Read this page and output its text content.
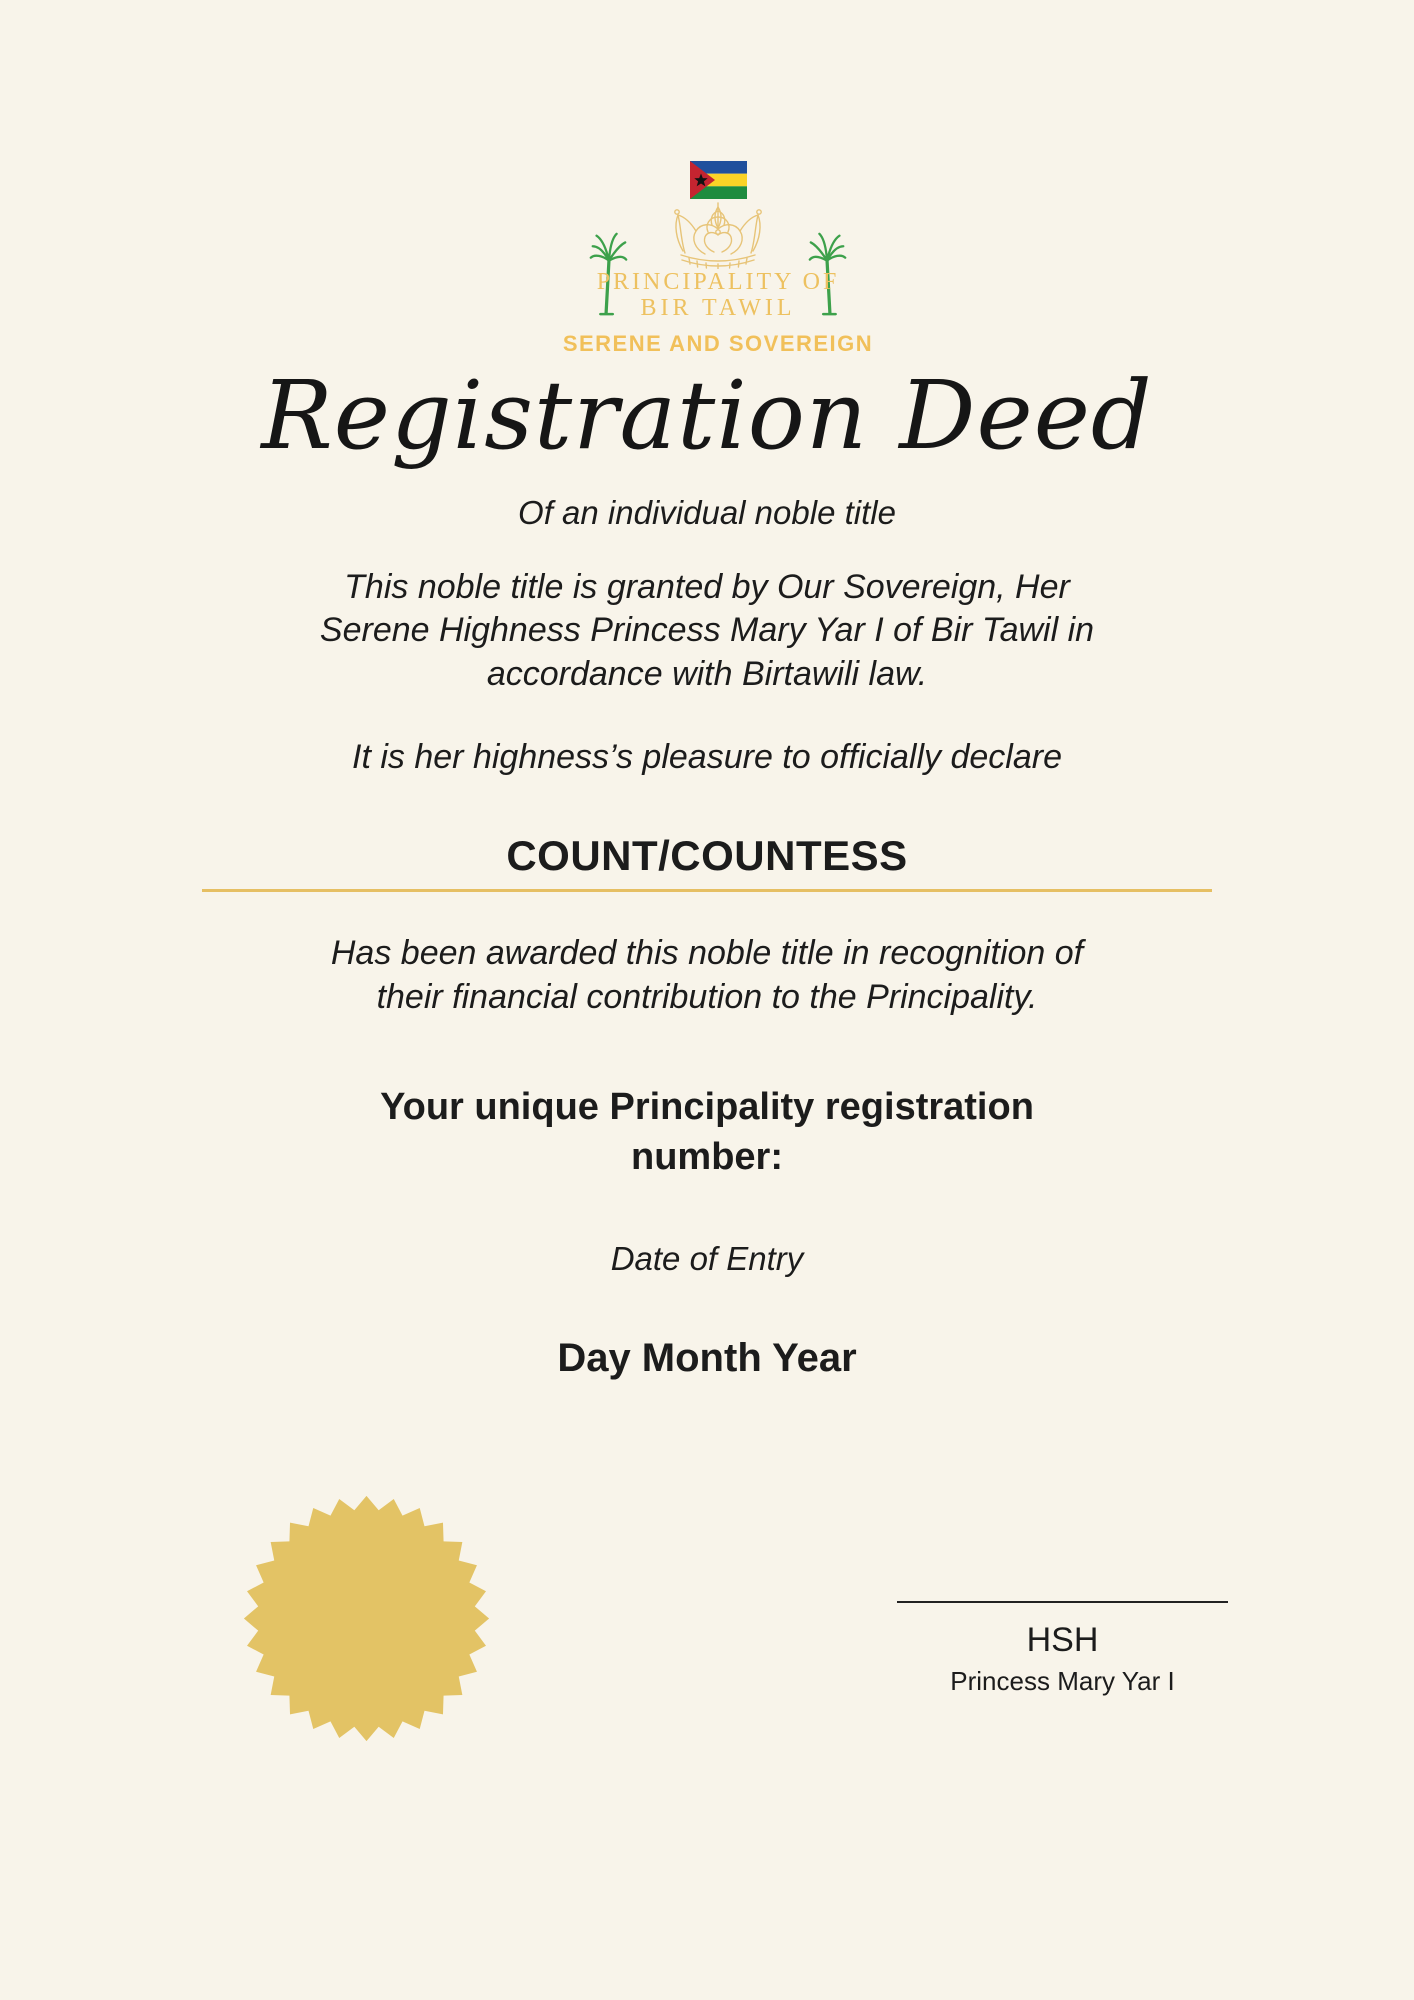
PRINCIPALITY OF
BIR TAWIL
SERENE AND SOVEREIGN
Registration Deed
Of an individual noble title
This noble title is granted by Our Sovereign, Her
Serene Highness Princess Mary Yar I of Bir Tawil in
accordance with Birtawili law.
It is her highness’s pleasure to officially declare
COUNT/COUNTESS
Has been awarded this noble title in recognition of
their financial contribution to the Principality.
Your unique Principality registration
number:
Date of Entry
Day Month Year
HSH
Princess Mary Yar I
